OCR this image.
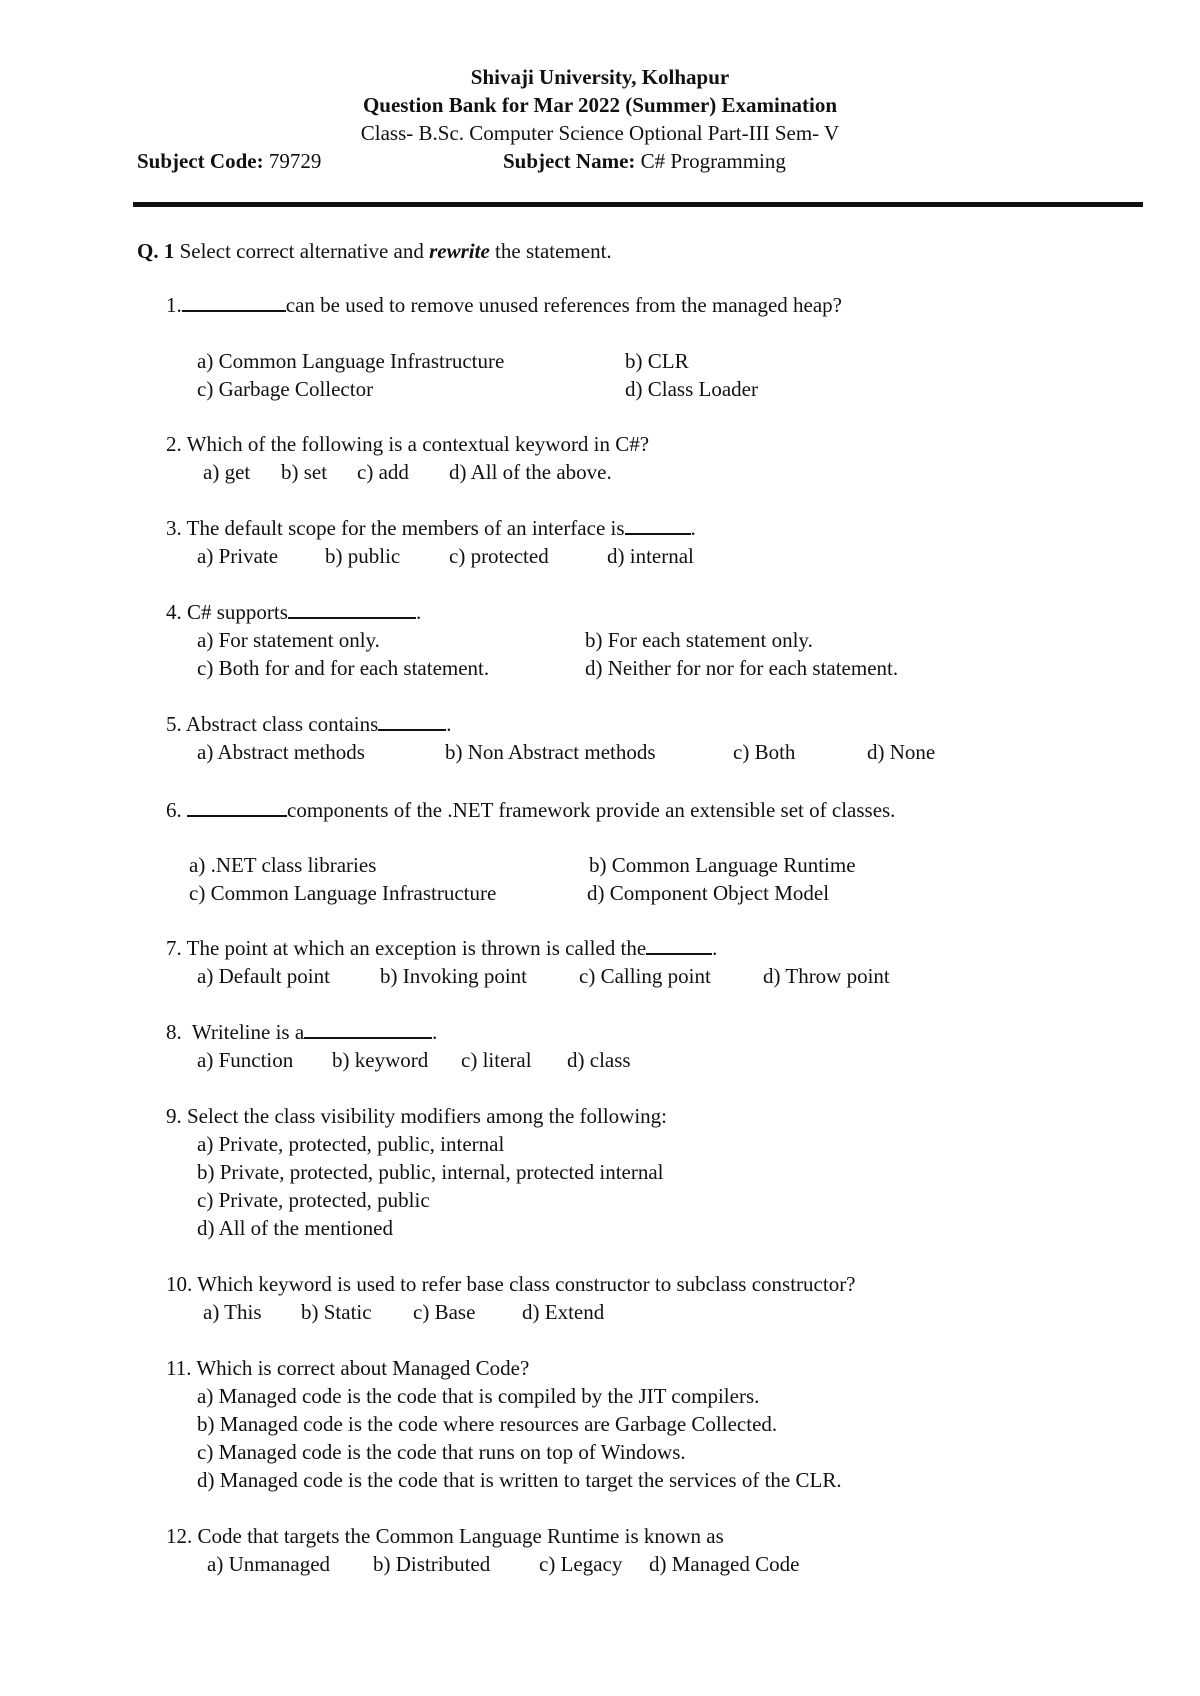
Shivaji University, Kolhapur
Question Bank for Mar 2022 (Summer) Examination
Class- B.Sc. Computer Science Optional Part-III Sem- V
Subject Code: 79729	Subject Name: C# Programming
Q. 1 Select correct alternative and rewrite the statement.
1.	can be used to remove unused references from the managed heap?
a) Common Language Infrastructure	b) CLR
c) Garbage Collector	d) Class Loader
2. Which of the following is a contextual keyword in C#?
a) get b) set c) add d) All of the above.
3. The default scope for the members of an interface is	.
a) Private b) public c) protected	d) internal
4. C# supports	.
a) For statement only.	b) For each statement only.
c) Both for and for each statement.	d) Neither for nor for each statement.
5. Abstract class contains	.
a) Abstract methods	b) Non Abstract methods	c) Both	d) None
6.	components of the .NET framework provide an extensible set of classes.
a) .NET class libraries	b) Common Language Runtime
c) Common Language Infrastructure	d) Component Object Model
7. The point at which an exception is thrown is called the	.
a) Default point b) Invoking point c) Calling point d) Throw point
8. Writeline is a	.
a) Function b) keyword c) literal d) class
9. Select the class visibility modifiers among the following:
a) Private, protected, public, internal
b) Private, protected, public, internal, protected internal
c) Private, protected, public
d) All of the mentioned
10. Which keyword is used to refer base class constructor to subclass constructor?
a) This b) Static c) Base d) Extend
11. Which is correct about Managed Code?
a) Managed code is the code that is compiled by the JIT compilers.
b) Managed code is the code where resources are Garbage Collected.
c) Managed code is the code that runs on top of Windows.
d) Managed code is the code that is written to target the services of the CLR.
12. Code that targets the Common Language Runtime is known as
a) Unmanaged b) Distributed c) Legacy d) Managed Code
